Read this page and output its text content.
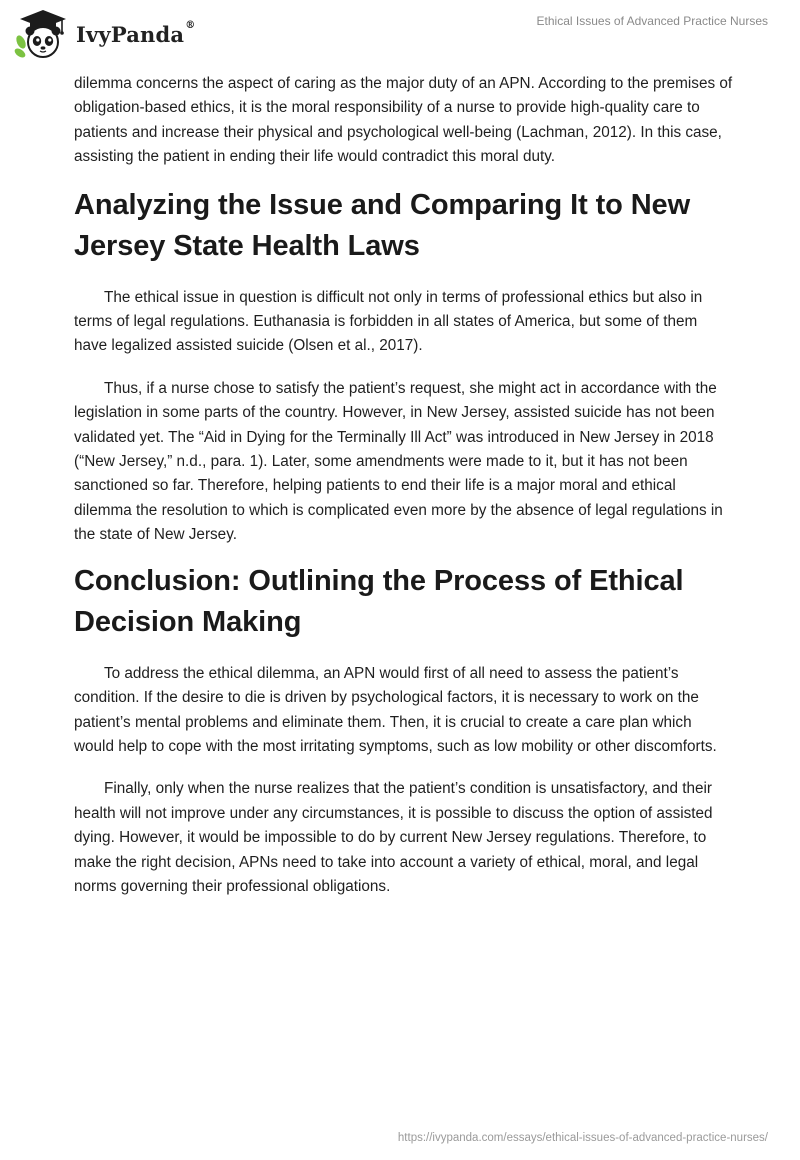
IvyPanda ®	Ethical Issues of Advanced Practice Nurses

dilemma concerns the aspect of caring as the major duty of an APN. According to the premises of obligation-based ethics, it is the moral responsibility of a nurse to provide high-quality care to patients and increase their physical and psychological well-being (Lachman, 2012). In this case, assisting the patient in ending their life would contradict this moral duty.

Analyzing the Issue and Comparing It to New Jersey State Health Laws

The ethical issue in question is difficult not only in terms of professional ethics but also in terms of legal regulations. Euthanasia is forbidden in all states of America, but some of them have legalized assisted suicide (Olsen et al., 2017).

Thus, if a nurse chose to satisfy the patient’s request, she might act in accordance with the legislation in some parts of the country. However, in New Jersey, assisted suicide has not been validated yet. The “Aid in Dying for the Terminally Ill Act” was introduced in New Jersey in 2018 (“New Jersey,” n.d., para. 1). Later, some amendments were made to it, but it has not been sanctioned so far. Therefore, helping patients to end their life is a major moral and ethical dilemma the resolution to which is complicated even more by the absence of legal regulations in the state of New Jersey.

Conclusion: Outlining the Process of Ethical Decision Making

To address the ethical dilemma, an APN would first of all need to assess the patient’s condition. If the desire to die is driven by psychological factors, it is necessary to work on the patient’s mental problems and eliminate them. Then, it is crucial to create a care plan which would help to cope with the most irritating symptoms, such as low mobility or other discomforts.

Finally, only when the nurse realizes that the patient’s condition is unsatisfactory, and their health will not improve under any circumstances, it is possible to discuss the option of assisted dying. However, it would be impossible to do by current New Jersey regulations. Therefore, to make the right decision, APNs need to take into account a variety of ethical, moral, and legal norms governing their professional obligations.

https://ivypanda.com/essays/ethical-issues-of-advanced-practice-nurses/
